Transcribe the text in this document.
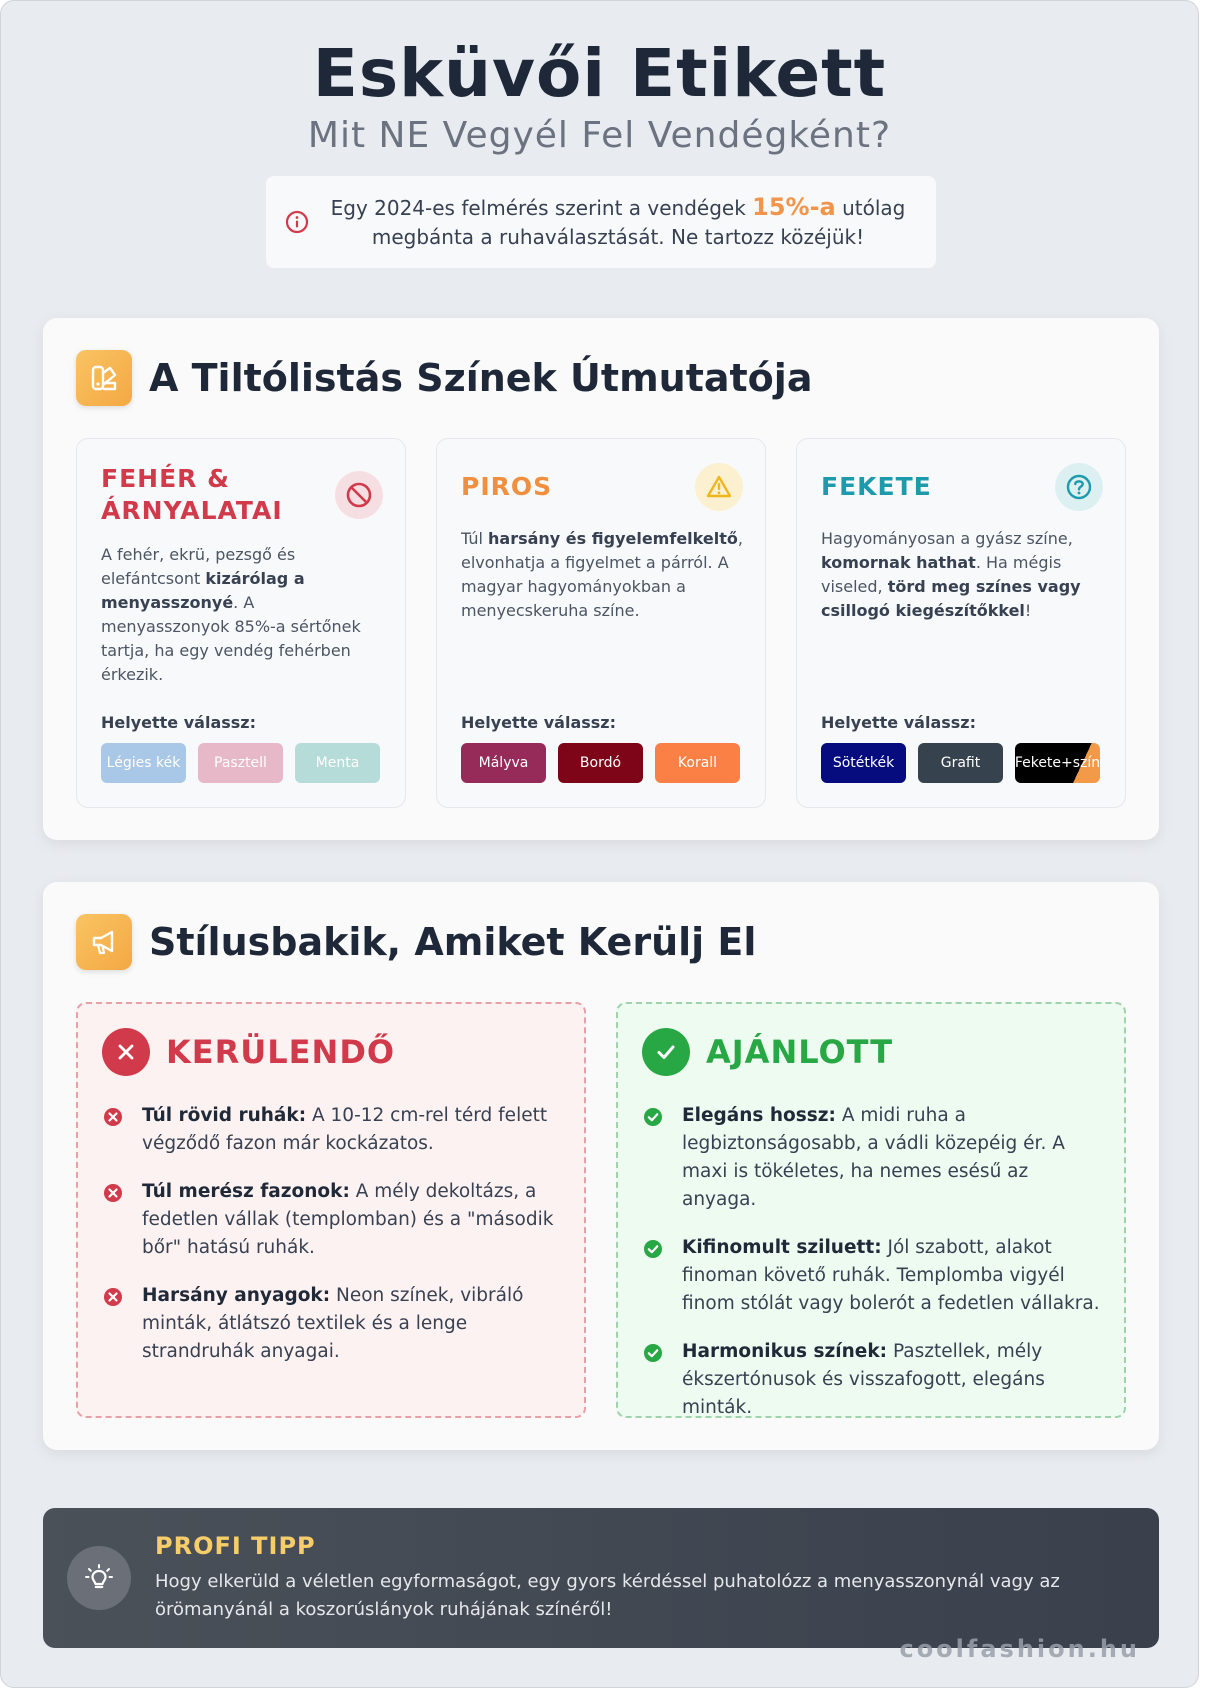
Esküvői Etikett
Mit NE Vegyél Fel Vendégként?
Egy 2024-es felmérés szerint a vendégek 15%-a utólag megbánta a ruhaválasztását. Ne tartozz közéjük!
A Tiltólistás Színek Útmutatója
FEHÉR & ÁRNYALATAI
A fehér, ekrü, pezsgő és elefántcsont kizárólag a menyasszonyé. A menyasszonyok 85%-a sértőnek tartja, ha egy vendég fehérben érkezik.
Helyette válassz:
Légies kék	Pasztell	Menta
PIROS
Túl harsány és figyelemfelkeltő, elvonhatja a figyelmet a párról. A magyar hagyományokban a menyecskeruha színe.
Helyette válassz:
Mályva	Bordó	Korall
FEKETE
Hagyományosan a gyász színe, komornak hathat. Ha mégis viseled, törd meg színes vagy csillogó kiegészítőkkel!
Helyette válassz:
Sötétkék	Grafit	Fekete+szín
Stílusbakik, Amiket Kerülj El
KERÜLENDŐ
Túl rövid ruhák: A 10-12 cm-rel térd felett végződő fazon már kockázatos.
Túl merész fazonok: A mély dekoltázs, a fedetlen vállak (templomban) és a "második bőr" hatású ruhák.
Harsány anyagok: Neon színek, vibráló minták, átlátszó textilek és a lenge strandruhák anyagai.
AJÁNLOTT
Elegáns hossz: A midi ruha a legbiztonságosabb, a vádli közepéig ér. A maxi is tökéletes, ha nemes esésű az anyaga.
Kifinomult sziluett: Jól szabott, alakot finoman követő ruhák. Templomba vigyél finom stólát vagy bolerót a fedetlen vállakra.
Harmonikus színek: Pasztellek, mély ékszertónusok és visszafogott, elegáns minták.
PROFI TIPP
Hogy elkerüld a véletlen egyformaságot, egy gyors kérdéssel puhatolózz a menyasszonynál vagy az örömanyánál a koszorúslányok ruhájának színéről!
coolfashion.hu
